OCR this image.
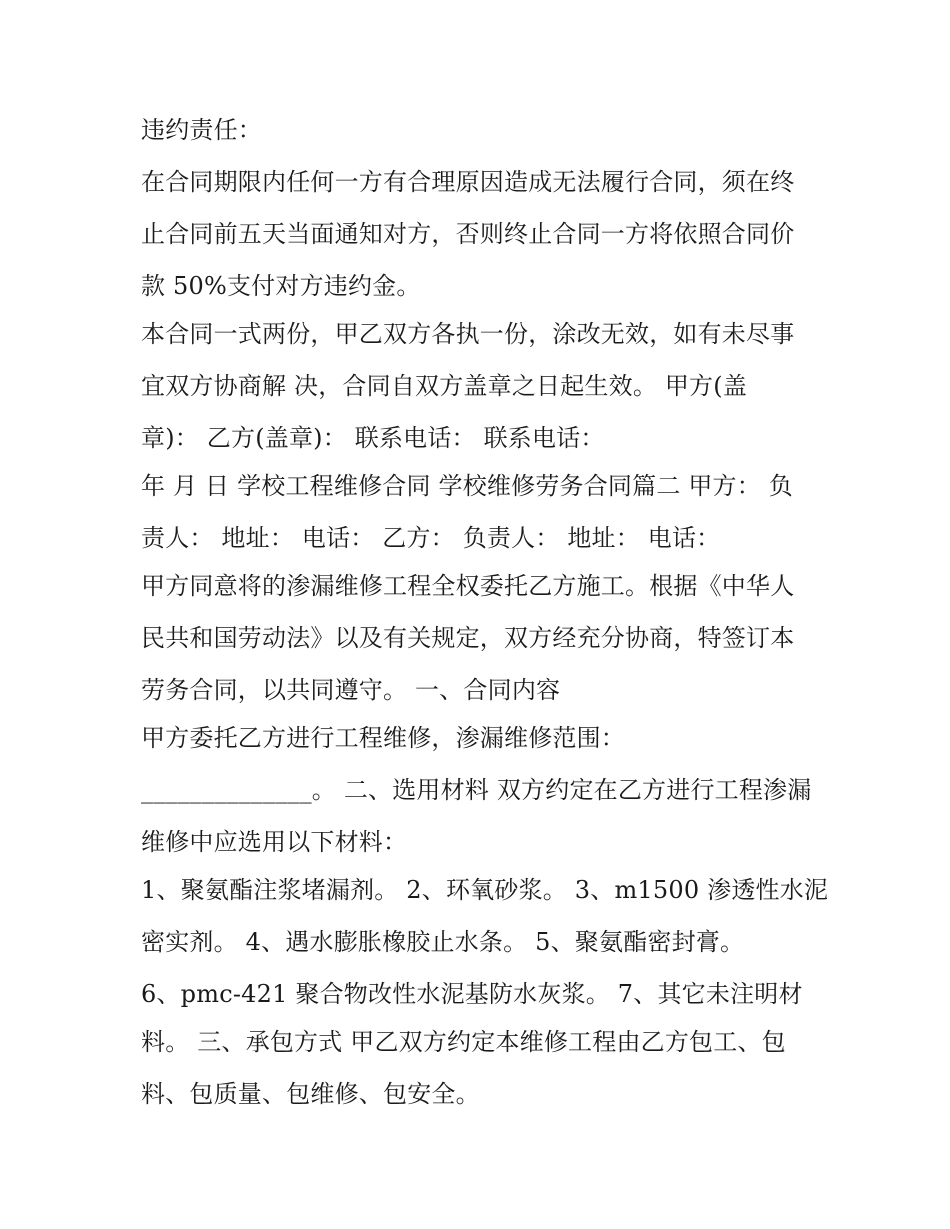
违约责任：
在合同期限内任何一方有合理原因造成无法履行合同，须在终
止合同前五天当面通知对方，否则终止合同一方将依照合同价
款 50%支付对方违约金。
本合同一式两份，甲乙双方各执一份，涂改无效，如有未尽事
宜双方协商解 决，合同自双方盖章之日起生效。 甲方(盖
章)： 乙方(盖章)： 联系电话： 联系电话：
年 月 日 学校工程维修合同 学校维修劳务合同篇二 甲方： 负
责人： 地址： 电话： 乙方： 负责人： 地址： 电话：
甲方同意将的渗漏维修工程全权委托乙方施工。根据《中华人
民共和国劳动法》以及有关规定，双方经充分协商，特签订本
劳务合同，以共同遵守。 一、合同内容
甲方委托乙方进行工程维修，渗漏维修范围：
______________。 二、选用材料 双方约定在乙方进行工程渗漏
维修中应选用以下材料：
1、聚氨酯注浆堵漏剂。 2、环氧砂浆。 3、m1500 渗透性水泥
密实剂。 4、遇水膨胀橡胶止水条。 5、聚氨酯密封膏。
6、pmc-421 聚合物改性水泥基防水灰浆。 7、其它未注明材
料。 三、承包方式 甲乙双方约定本维修工程由乙方包工、包
料、包质量、包维修、包安全。
